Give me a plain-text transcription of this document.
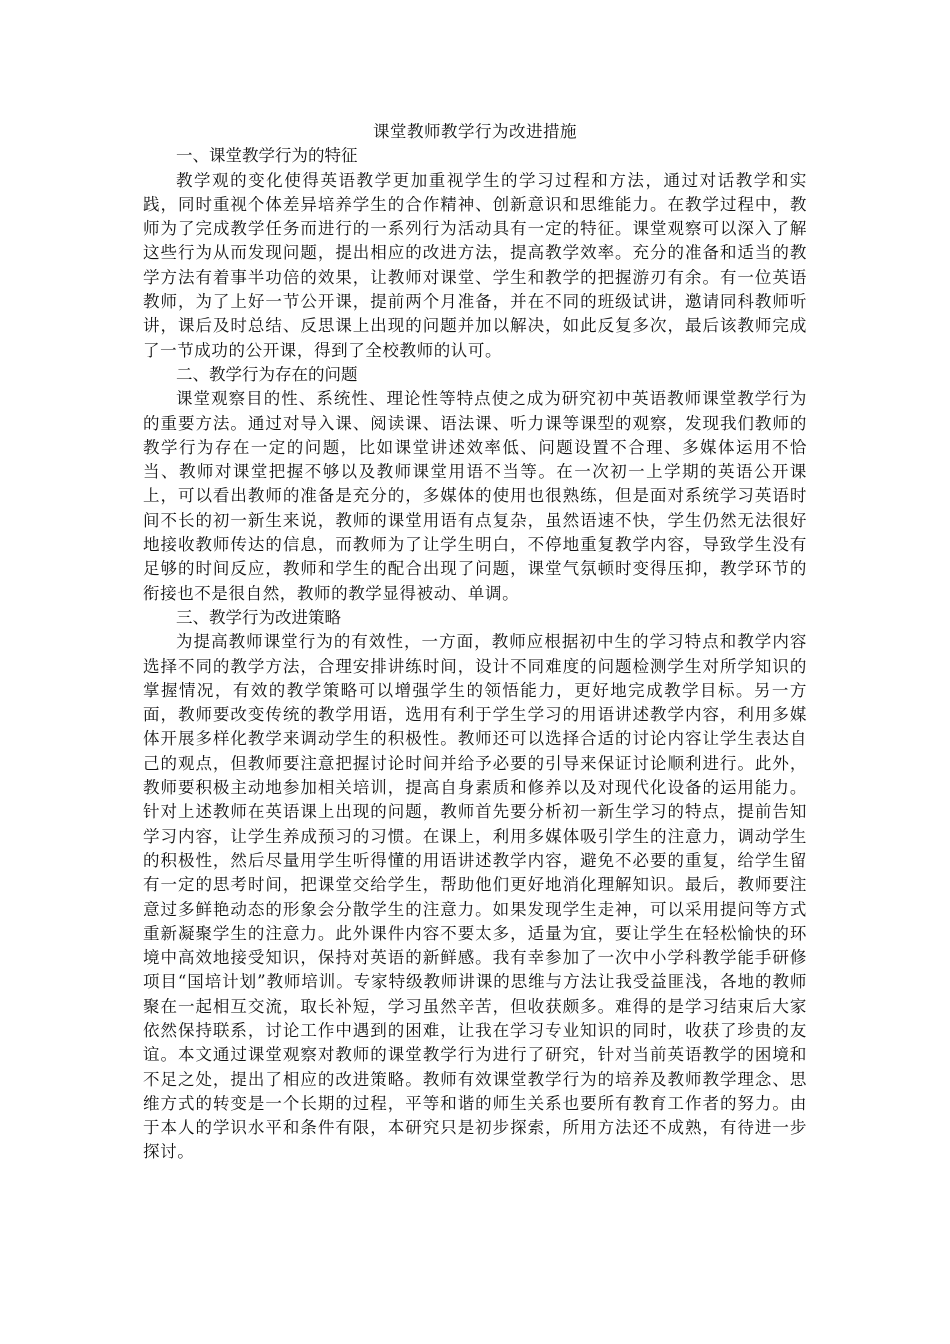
课堂教师教学行为改进措施
一、课堂教学行为的特征

教学观的变化使得英语教学更加重视学生的学习过程和方法，通过对话教学和实践，同时重视个体差异培养学生的合作精神、创新意识和思维能力。在教学过程中，教师为了完成教学任务而进行的一系列行为活动具有一定的特征。课堂观察可以深入了解这些行为从而发现问题，提出相应的改进方法，提高教学效率。充分的准备和适当的教学方法有着事半功倍的效果，让教师对课堂、学生和教学的把握游刃有余。有一位英语教师，为了上好一节公开课，提前两个月准备，并在不同的班级试讲，邀请同科教师听讲，课后及时总结、反思课上出现的问题并加以解决，如此反复多次，最后该教师完成了一节成功的公开课，得到了全校教师的认可。

二、教学行为存在的问题

课堂观察目的性、系统性、理论性等特点使之成为研究初中英语教师课堂教学行为的重要方法。通过对导入课、阅读课、语法课、听力课等课型的观察，发现我们教师的教学行为存在一定的问题，比如课堂讲述效率低、问题设置不合理、多媒体运用不恰当、教师对课堂把握不够以及教师课堂用语不当等。在一次初一上学期的英语公开课上，可以看出教师的准备是充分的，多媒体的使用也很熟练，但是面对系统学习英语时间不长的初一新生来说，教师的课堂用语有点复杂，虽然语速不快，学生仍然无法很好地接收教师传达的信息，而教师为了让学生明白，不停地重复教学内容，导致学生没有足够的时间反应，教师和学生的配合出现了问题，课堂气氛顿时变得压抑，教学环节的衔接也不是很自然，教师的教学显得被动、单调。

三、教学行为改进策略

为提高教师课堂行为的有效性，一方面，教师应根据初中生的学习特点和教学内容选择不同的教学方法，合理安排讲练时间，设计不同难度的问题检测学生对所学知识的掌握情况，有效的教学策略可以增强学生的领悟能力，更好地完成教学目标。另一方面，教师要改变传统的教学用语，选用有利于学生学习的用语讲述教学内容，利用多媒体开展多样化教学来调动学生的积极性。教师还可以选择合适的讨论内容让学生表达自己的观点，但教师要注意把握讨论时间并给予必要的引导来保证讨论顺利进行。此外，教师要积极主动地参加相关培训，提高自身素质和修养以及对现代化设备的运用能力。针对上述教师在英语课上出现的问题，教师首先要分析初一新生学习的特点，提前告知学习内容，让学生养成预习的习惯。在课上，利用多媒体吸引学生的注意力，调动学生的积极性，然后尽量用学生听得懂的用语讲述教学内容，避免不必要的重复，给学生留有一定的思考时间，把课堂交给学生，帮助他们更好地消化理解知识。最后，教师要注意过多鲜艳动态的形象会分散学生的注意力。如果发现学生走神，可以采用提问等方式重新凝聚学生的注意力。此外课件内容不要太多，适量为宜，要让学生在轻松愉快的环境中高效地接受知识，保持对英语的新鲜感。我有幸参加了一次中小学科教学能手研修项目“国培计划”教师培训。专家特级教师讲课的思维与方法让我受益匪浅，各地的教师聚在一起相互交流，取长补短，学习虽然辛苦，但收获颇多。难得的是学习结束后大家依然保持联系，讨论工作中遇到的困难，让我在学习专业知识的同时，收获了珍贵的友谊。本文通过课堂观察对教师的课堂教学行为进行了研究，针对当前英语教学的困境和不足之处，提出了相应的改进策略。教师有效课堂教学行为的培养及教师教学理念、思维方式的转变是一个长期的过程，平等和谐的师生关系也要所有教育工作者的努力。由于本人的学识水平和条件有限，本研究只是初步探索，所用方法还不成熟，有待进一步探讨。
